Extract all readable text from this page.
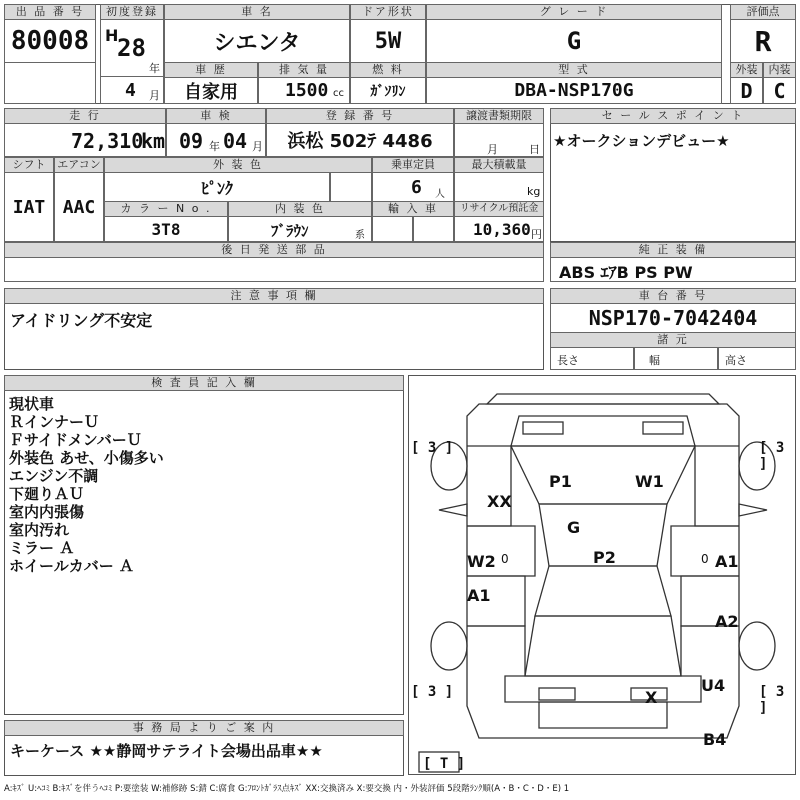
出 品 番 号
80008
初度登録
H
28
年
4 月
車 名
シエンタ
車 歴
自家用
排 気 量
1500 cc
ドア形状
5W
燃 料
ｶﾞｿﾘﾝ
グ レ ー ド
G
型 式
DBA-NSP170G
評価点
R
外装	内装
D C
走 行
72,310
km
車 検
09 年 04 月
登 録 番 号
浜松 502ﾃ 4486
譲渡書類期限
月	日
シフト
IAT
エアコン
AAC
外 装 色
ﾋﾟﾝｸ
乗車定員
6 人
最大積載量
kg
カ ラ ー N o .
3T8
内 装 色
ﾌﾞﾗｳﾝ	系
輸 入 車	リサイクル預託金
10,360 円
後 日 発 送 部 品
セ ー ル ス ポ イ ン ト
★オークションデビュー★
純 正 装 備
ABS ｴｱB PS PW
注 意 事 項 欄
アイドリング不安定
車 台 番 号
NSP170-7042404
諸 元
長さ	幅	高さ
検 査 員 記 入 欄
現状車
ＲインナーＵ
ＦサイドメンバーＵ
外装色 あせ、小傷多い
エンジン不調
下廻りＡＵ
室内内張傷
室内汚れ
ミラー Ａ
ホイールカバー Ａ
事 務 局 よ り ご 案 内
キーケース ★★静岡サテライト会場出品車★★
P1	W1
XX
G
P2
W2 0	0 A1
A1
A2
U4
X
B4
[ 3 ]	[ 3 ]
[ 3 ]	[ 3 ]
[ T ]
A:ｷｽﾞ U:ﾍｺﾐ B:ｷｽﾞを伴うﾍｺﾐ P:要塗装 W:補修跡 S:錆 C:腐食 G:ﾌﾛﾝﾄｶﾞﾗｽ点ｷｽﾞ XX:交換済み X:要交換 内・外装評価 5段階ﾗﾝｸ順(A・B・C・D・E) 1
